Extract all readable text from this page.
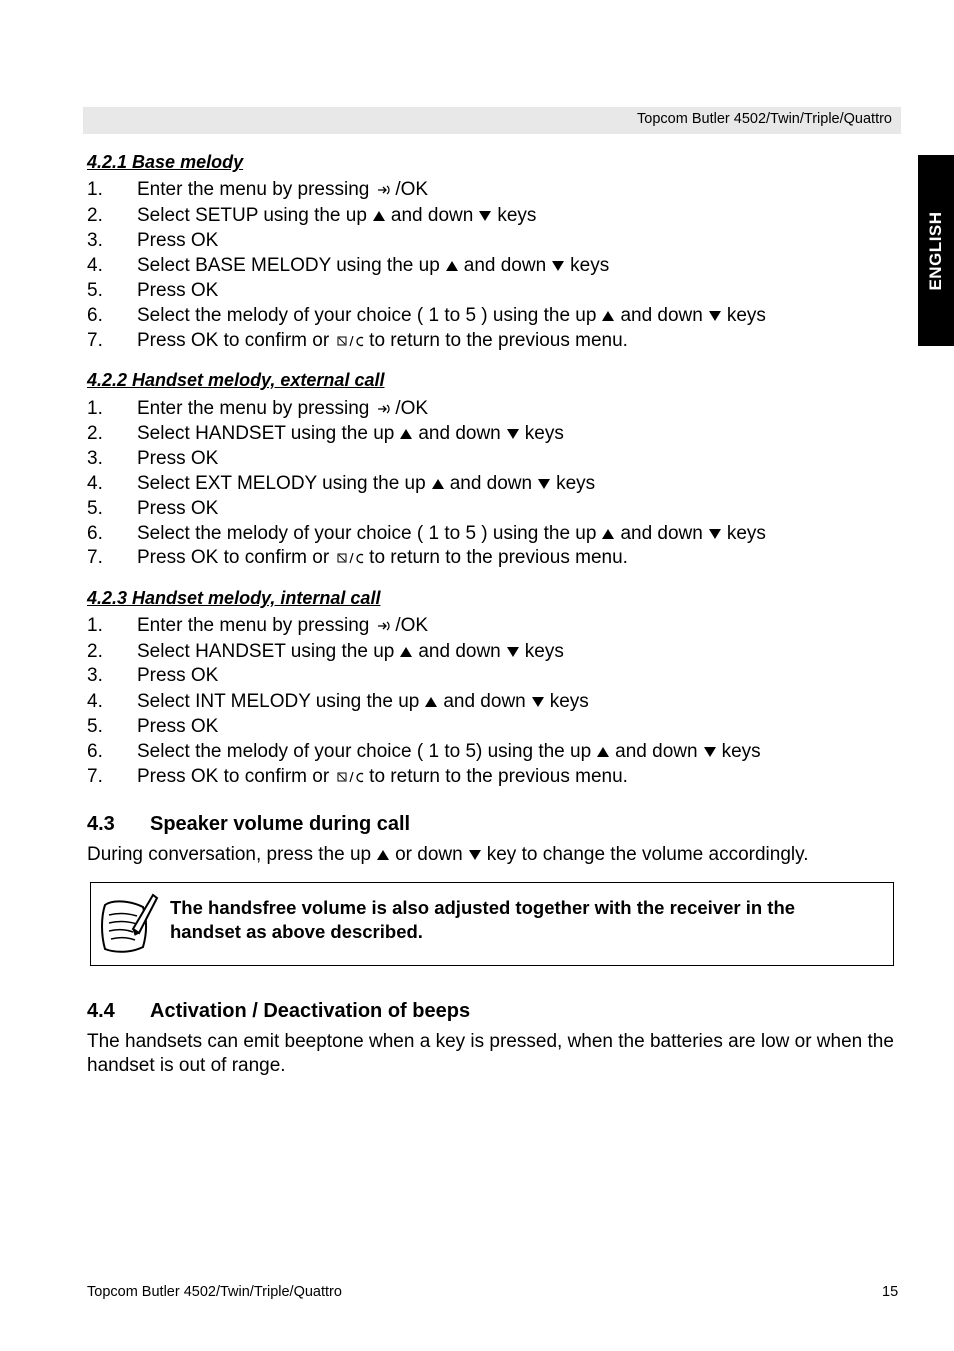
Topcom Butler 4502/Twin/Triple/Quattro
ENGLISH
4.2.1 Base melody
1. Enter the menu by pressing /OK
2. Select SETUP using the up and down keys
3. Press OK
4. Select BASE MELODY using the up and down keys
5. Press OK
6. Select the melody of your choice ( 1 to 5 ) using the up and down keys
7. Press OK to confirm or to return to the previous menu.
4.2.2 Handset melody, external call
1. Enter the menu by pressing /OK
2. Select HANDSET using the up and down keys
3. Press OK
4. Select EXT MELODY using the up and down keys
5. Press OK
6. Select the melody of your choice ( 1 to 5 ) using the up and down keys
7. Press OK to confirm or to return to the previous menu.
4.2.3 Handset melody, internal call
1. Enter the menu by pressing /OK
2. Select HANDSET using the up and down keys
3. Press OK
4. Select INT MELODY using the up and down keys
5. Press OK
6. Select the melody of your choice ( 1 to 5) using the up and down keys
7. Press OK to confirm or to return to the previous menu.
4.3 Speaker volume during call
During conversation, press the up or down key to change the volume accordingly.
The handsfree volume is also adjusted together with the receiver in the handset as above described.
4.4 Activation / Deactivation of beeps
The handsets can emit beeptone when a key is pressed, when the batteries are low or when the handset is out of range.
Topcom Butler 4502/Twin/Triple/Quattro	15
